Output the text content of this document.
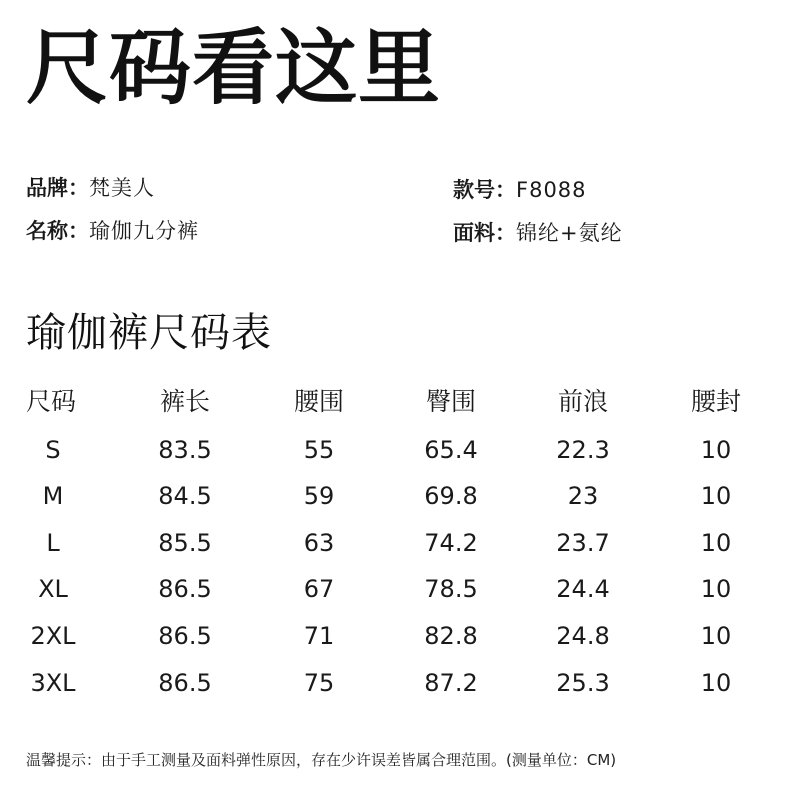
尺码看这里
品牌：梵美人
名称：瑜伽九分裤
款号：F8088
面料：锦纶+氨纶
瑜伽裤尺码表
尺码	裤长	腰围	臀围	前浪	腰封
S	83.5	55	65.4	22.3	10
M	84.5	59	69.8	23	10
L	85.5	63	74.2	23.7	10
XL	86.5	67	78.5	24.4	10
2XL	86.5	71	82.8	24.8	10
3XL	86.5	75	87.2	25.3	10
温馨提示：由于手工测量及面料弹性原因，存在少许误差皆属合理范围。(测量单位：CM)
